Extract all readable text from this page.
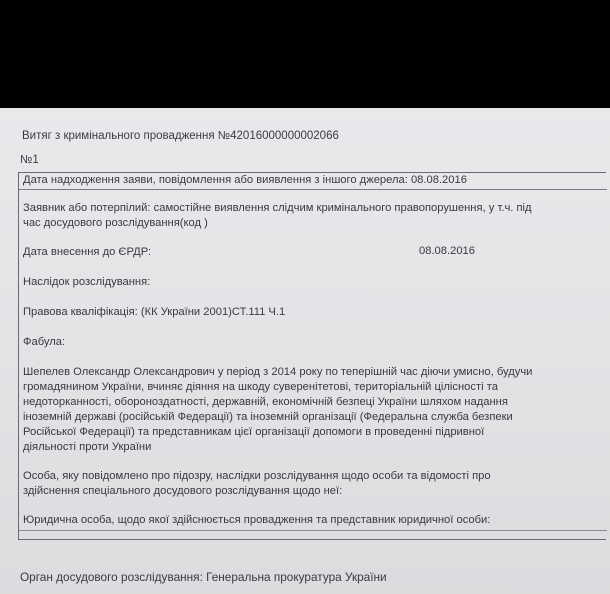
Витяг з кримінального провадження №42016000000002066
№1
Дата надходження заяви, повідомлення або виявлення з іншого джерела: 08.08.2016
Заявник або потерпілий: самостійне виявлення слідчим кримінального правопорушення, у т.ч. під
час досудового розслідування(код )
Дата внесення до ЄРДР:	08.08.2016
Наслідок розслідування:
Правова кваліфікація: (КК України 2001)СТ.111 Ч.1
Фабула:
Шепелев Олександр Олександрович у період з 2014 року по теперішній час діючи умисно, будучи
громадянином України, вчиняє діяння на шкоду суверенітетові, територіальній цілісності та
недоторканності, обороноздатності, державній, економічній безпеці України шляхом надання
іноземній державі (російській Федерації) та іноземній організації (Федеральна служба безпеки
Російської Федерації) та представникам цієї організації допомоги в проведенні підривної
діяльності проти України
Особа, яку повідомлено про підозру, наслідки розслідування щодо особи та відомості про
здійснення спеціального досудового розслідування щодо неї:
Юридична особа, щодо якої здійснюється провадження та представник юридичної особи:
Орган досудового розслідування: Генеральна прокуратура України
